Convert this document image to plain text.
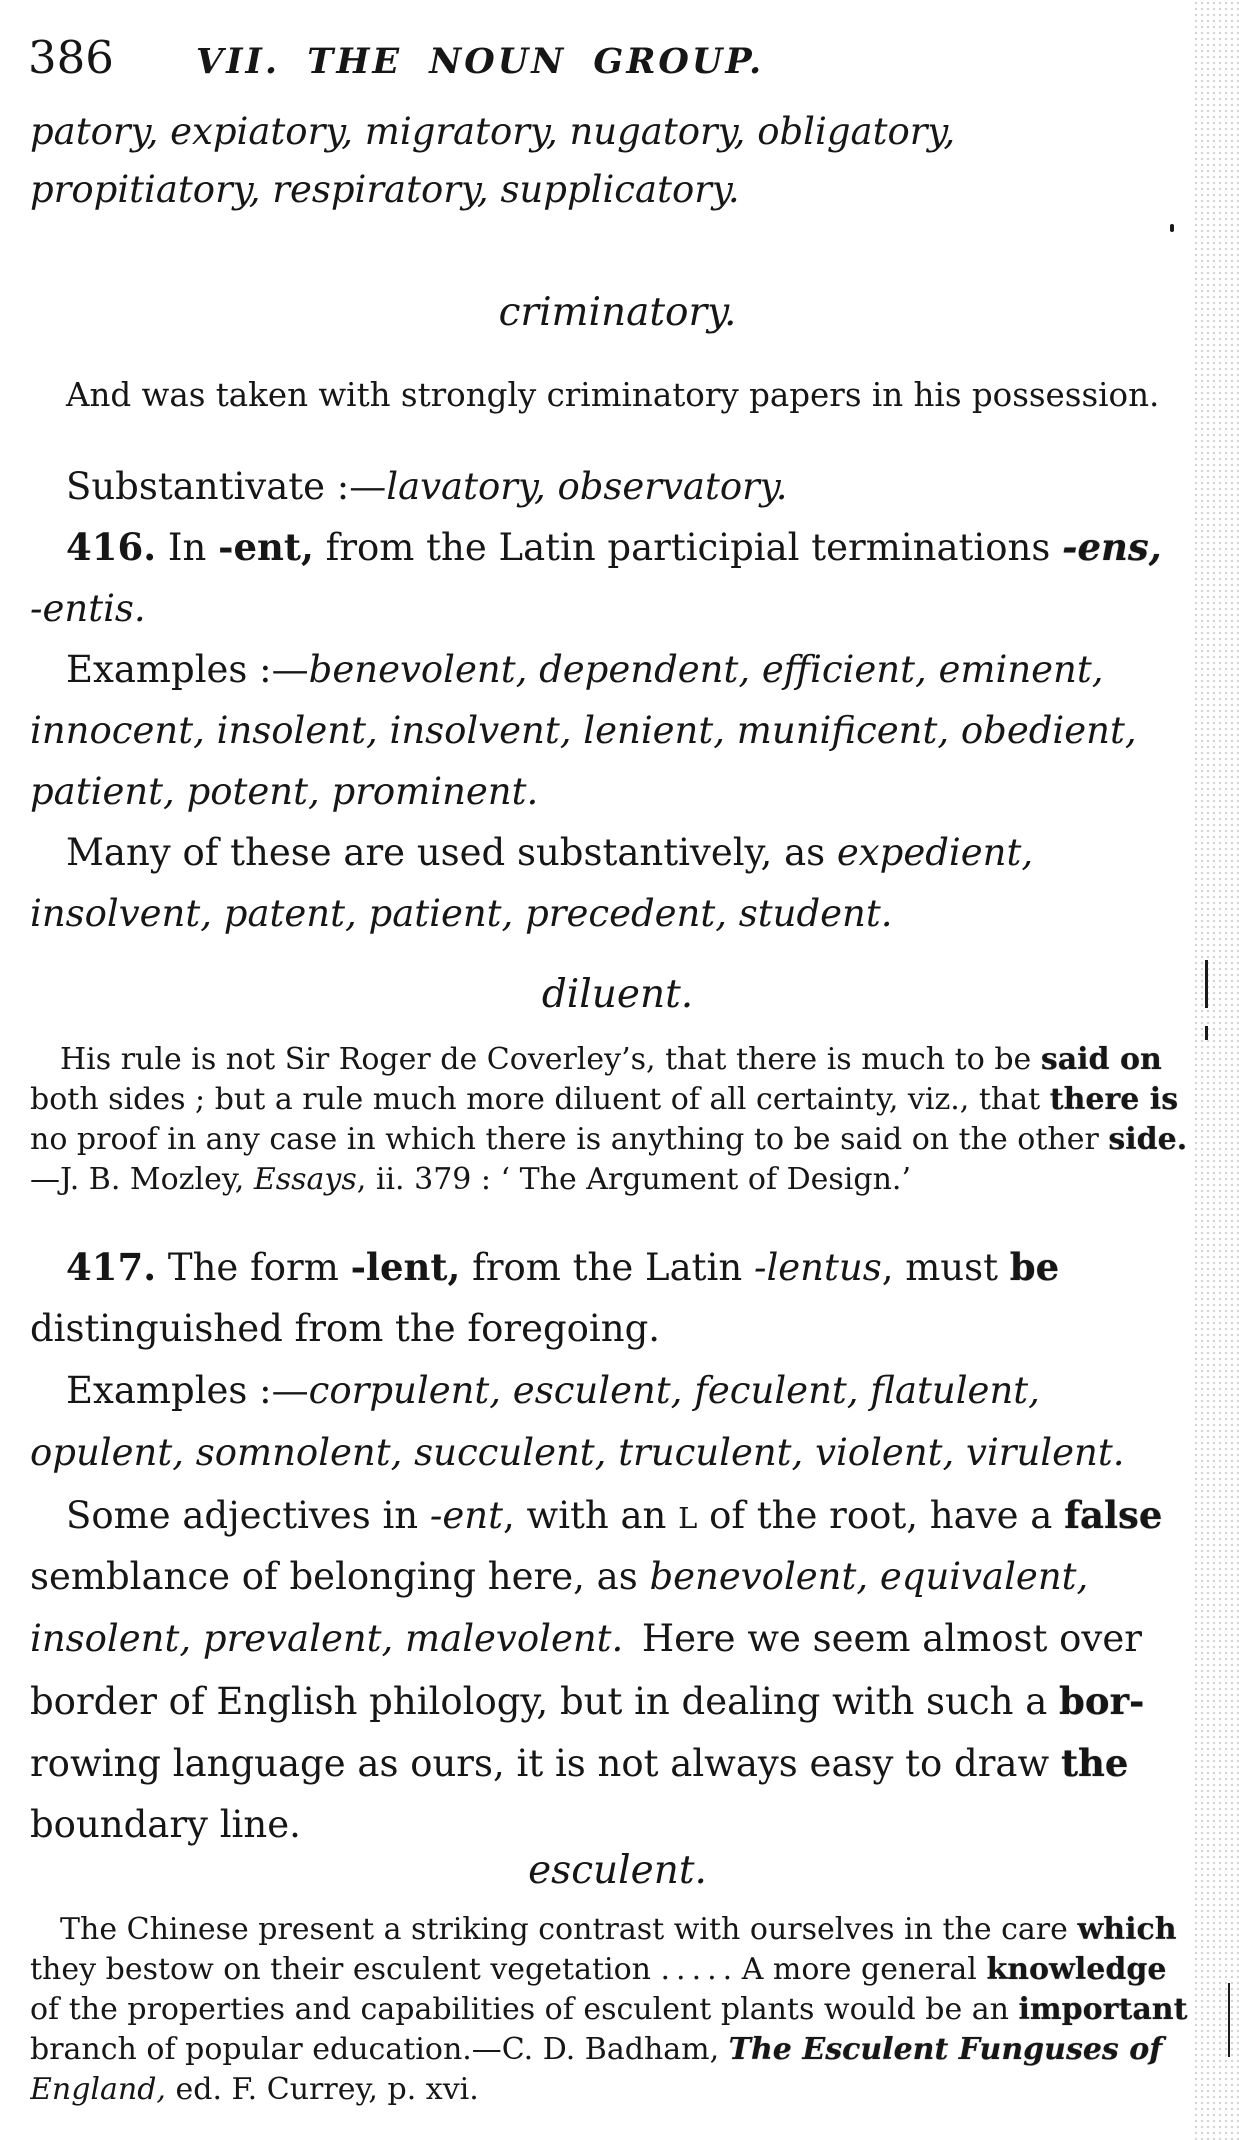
386 VII. THE NOUN GROUP.
patory, expiatory, migratory, nugatory, obligatory,
propitiatory, respiratory, supplicatory.
criminatory.
And was taken with strongly criminatory papers in his possession.
Substantivate :—lavatory, observatory.
416. In -ent, from the Latin participial terminations -ens,
-entis.
Examples :—benevolent, dependent, efficient, eminent,
innocent, insolent, insolvent, lenient, munificent, obedient,
patient, potent, prominent.
Many of these are used substantively, as expedient,
insolvent, patent, patient, precedent, student.
diluent.
His rule is not Sir Roger de Coverley’s, that there is much to be said on
both sides ; but a rule much more diluent of all certainty, viz., that there is
no proof in any case in which there is anything to be said on the other side.
—J. B. Mozley, Essays, ii. 379 : ‘ The Argument of Design.’
417. The form -lent, from the Latin -lentus, must be
distinguished from the foregoing.
Examples :—corpulent, esculent, feculent, flatulent,
opulent, somnolent, succulent, truculent, violent, virulent.
Some adjectives in -ent, with an L of the root, have a false
semblance of belonging here, as benevolent, equivalent,
insolent, prevalent, malevolent. Here we seem almost over
border of English philology, but in dealing with such a bor-
rowing language as ours, it is not always easy to draw the
boundary line.
esculent.
The Chinese present a striking contrast with ourselves in the care which
they bestow on their esculent vegetation . . . . . A more general knowledge
of the properties and capabilities of esculent plants would be an important
branch of popular education.—C. D. Badham, The Esculent Funguses of
England, ed. F. Currey, p. xvi.
